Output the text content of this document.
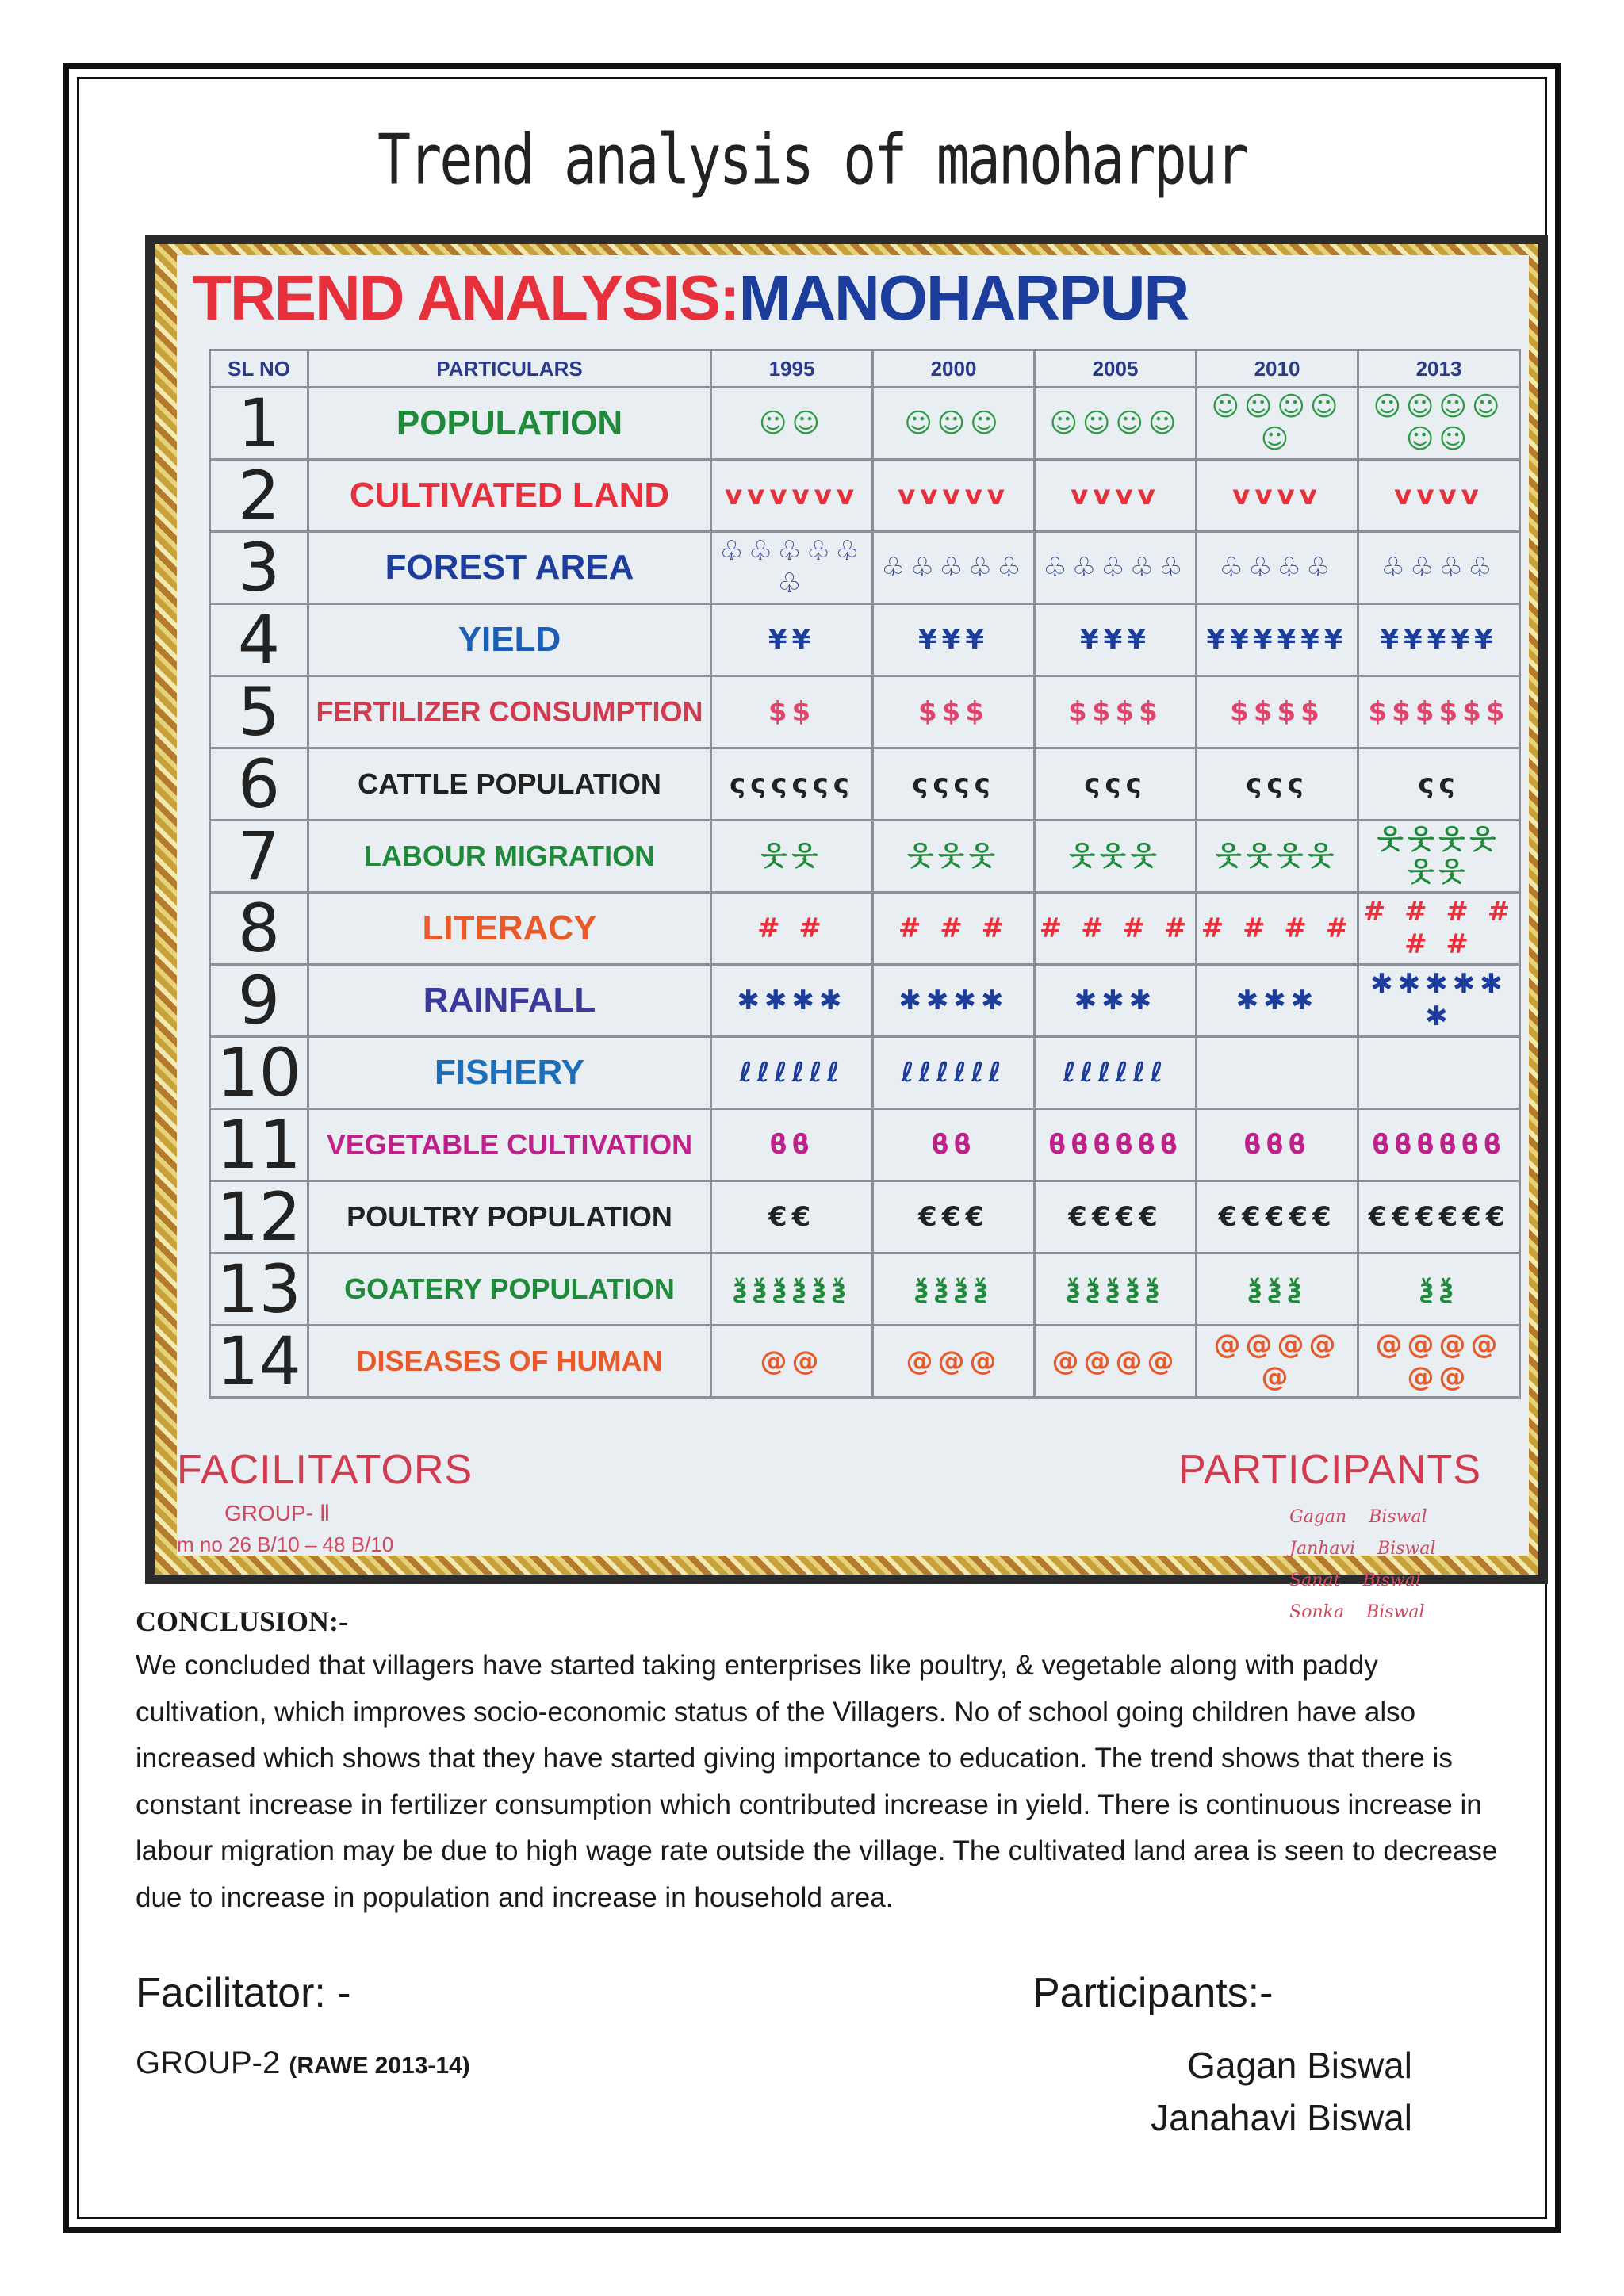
Trend analysis of manoharpur
TREND ANALYSIS:MANOHARPUR
SL NO	PARTICULARS	1995	2000	2005	2010	2013
1	POPULATION	☺☺	☺☺☺	☺☺☺☺	☺☺☺☺☺	☺☺☺☺☺☺
2	CULTIVATED LAND	vvvvvv	vvvvv	vvvv	vvvv	vvvv
3	FOREST AREA	♧♧♧♧♧♧	♧♧♧♧♧	♧♧♧♧♧	♧♧♧♧	♧♧♧♧
4	YIELD	¥¥	¥¥¥	¥¥¥	¥¥¥¥¥¥	¥¥¥¥¥
5	FERTILIZER CONSUMPTION	$$	$$$	$$$$	$$$$	$$$$$$
6	CATTLE POPULATION	ςςςςςς	ςςςς	ςςς	ςςς	ςς
7	LABOUR MIGRATION	웃웃	웃웃웃	웃웃웃	웃웃웃웃	웃웃웃웃웃웃
8	LITERACY	# #	# # #	# # # #	# # # #	# # # # # #
9	RAINFALL	✱✱✱✱	✱✱✱✱	✱✱✱	✱✱✱	✱✱✱✱✱✱
10	FISHERY	ℓℓℓℓℓℓ	ℓℓℓℓℓℓ	ℓℓℓℓℓℓ		
11	VEGETABLE CULTIVATION	ϐϐ	ϐϐ	ϐϐϐϐϐϐ	ϐϐϐ	ϐϐϐϐϐϐ
12	POULTRY POPULATION	€€	€€€	€€€€	€€€€€	€€€€€€
13	GOATERY POPULATION	ѯѯѯѯѯѯ	ѯѯѯѯ	ѯѯѯѯѯ	ѯѯѯ	ѯѯ
14	DISEASES OF HUMAN	@@	@@@	@@@@	@@@@@	@@@@@@
FACILITATORS
GROUP- Ⅱ
m no 26 B/10 – 48 B/10
PARTICIPANTS
Gagan    Biswal
Janhavi    Biswal
Sanat    Biswal
Sonka    Biswal
CONCLUSION:-
We concluded that villagers have started taking enterprises like poultry, & vegetable along with paddy cultivation, which improves socio-economic status of the Villagers. No of school going children have also increased which shows that they have started giving importance to education. The trend shows that there is constant increase in fertilizer consumption which contributed increase in yield. There is continuous increase in labour migration may be due to high wage rate outside the village. The cultivated land area is seen to decrease due to increase in population and increase in household area.
Facilitator: -
GROUP-2 (RAWE 2013-14)
Participants:-
Gagan Biswal
Janahavi Biswal
